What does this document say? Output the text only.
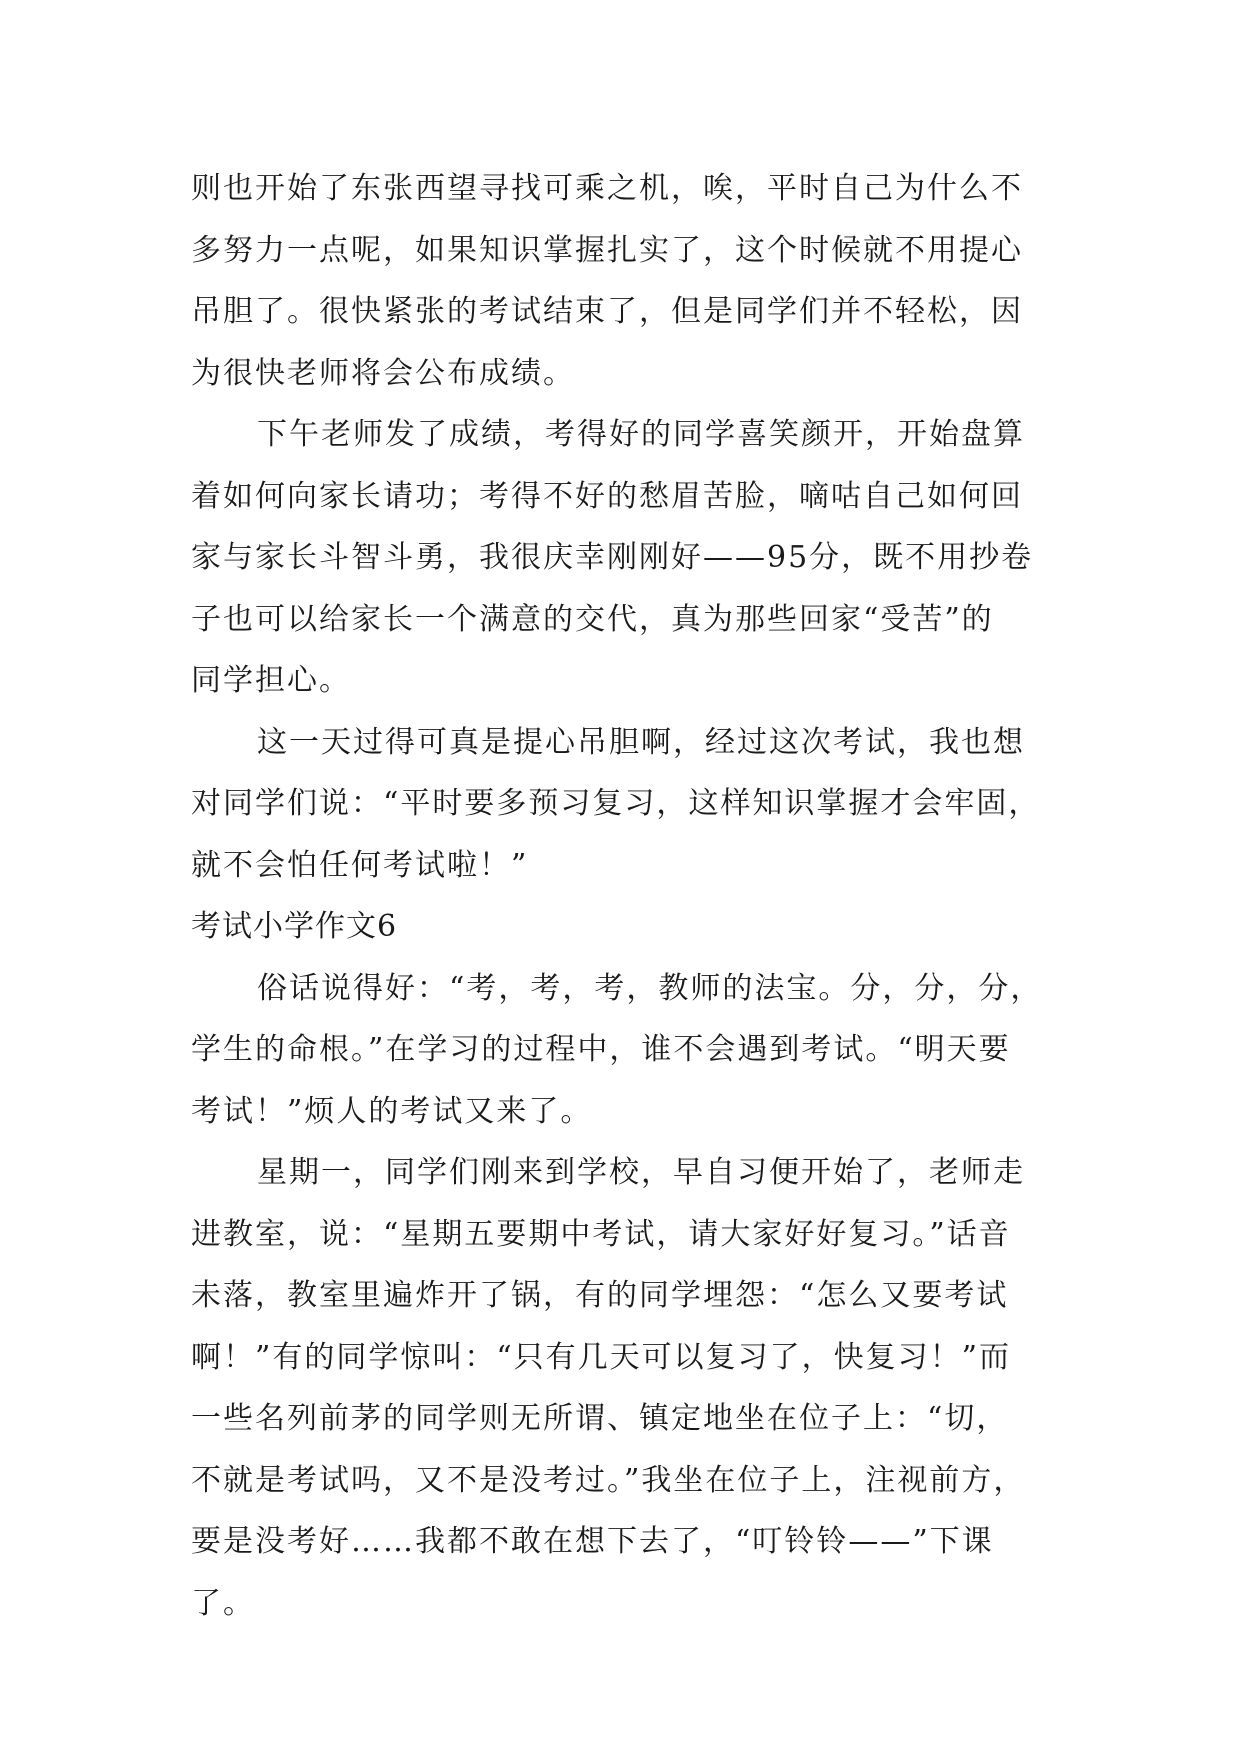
则也开始了东张西望寻找可乘之机，唉，平时自己为什么不
多努力一点呢，如果知识掌握扎实了，这个时候就不用提心
吊胆了。很快紧张的考试结束了，但是同学们并不轻松，因
为很快老师将会公布成绩。
下午老师发了成绩，考得好的同学喜笑颜开，开始盘算
着如何向家长请功；考得不好的愁眉苦脸，嘀咕自己如何回
家与家长斗智斗勇，我很庆幸刚刚好——95分，既不用抄卷
子也可以给家长一个满意的交代，真为那些回家“受苦”的
同学担心。
这一天过得可真是提心吊胆啊，经过这次考试，我也想
对同学们说：“平时要多预习复习，这样知识掌握才会牢固，
就不会怕任何考试啦！”
考试小学作文6
俗话说得好：“考，考，考，教师的法宝。分，分，分，
学生的命根。”在学习的过程中，谁不会遇到考试。“明天要
考试！”烦人的考试又来了。
星期一，同学们刚来到学校，早自习便开始了，老师走
进教室，说：“星期五要期中考试，请大家好好复习。”话音
未落，教室里遍炸开了锅，有的同学埋怨：“怎么又要考试
啊！”有的同学惊叫：“只有几天可以复习了，快复习！”而
一些名列前茅的同学则无所谓、镇定地坐在位子上：“切，
不就是考试吗，又不是没考过。”我坐在位子上，注视前方，
要是没考好……我都不敢在想下去了，“叮铃铃——”下课
了。
